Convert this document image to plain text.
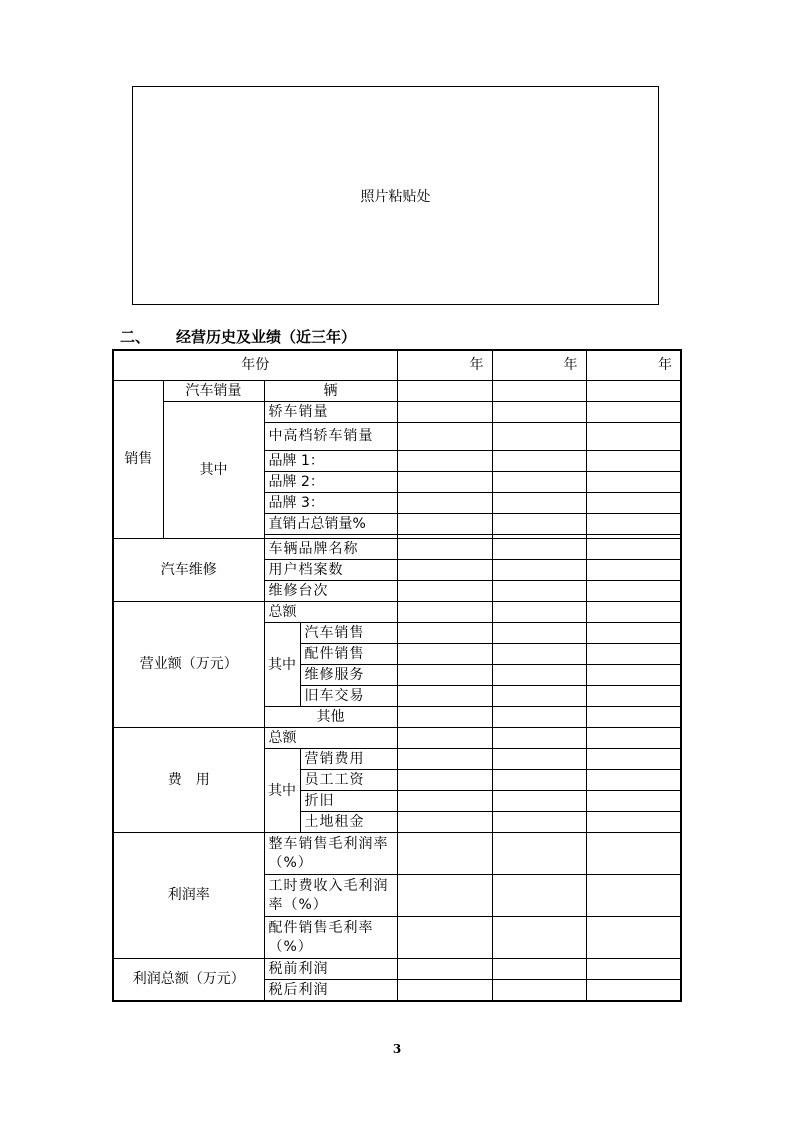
照片粘贴处
二、 经营历史及业绩（近三年）
年份				年	年	年
销售	汽车销量	辆				
	其中	轿车销量				
		中高档轿车销量				
		品牌 1：				
		品牌 2：				
		品牌 3：				
		直销占总销量%				

汽车维修		车辆品牌名称				
		用户档案数				
		维修台次				
营业额（万元）		总额				
		其中	汽车销售			
			配件销售			
			维修服务			
			旧车交易			
		其他				
费　用		总额				
		其中	营销费用			
			员工工资			
			折旧			
			土地租金			
利润率		整车销售毛利润率（%）				
		工时费收入毛利润率（%）				
		配件销售毛利率（%）				
利润总额（万元）		税前利润				
		税后利润				
3
